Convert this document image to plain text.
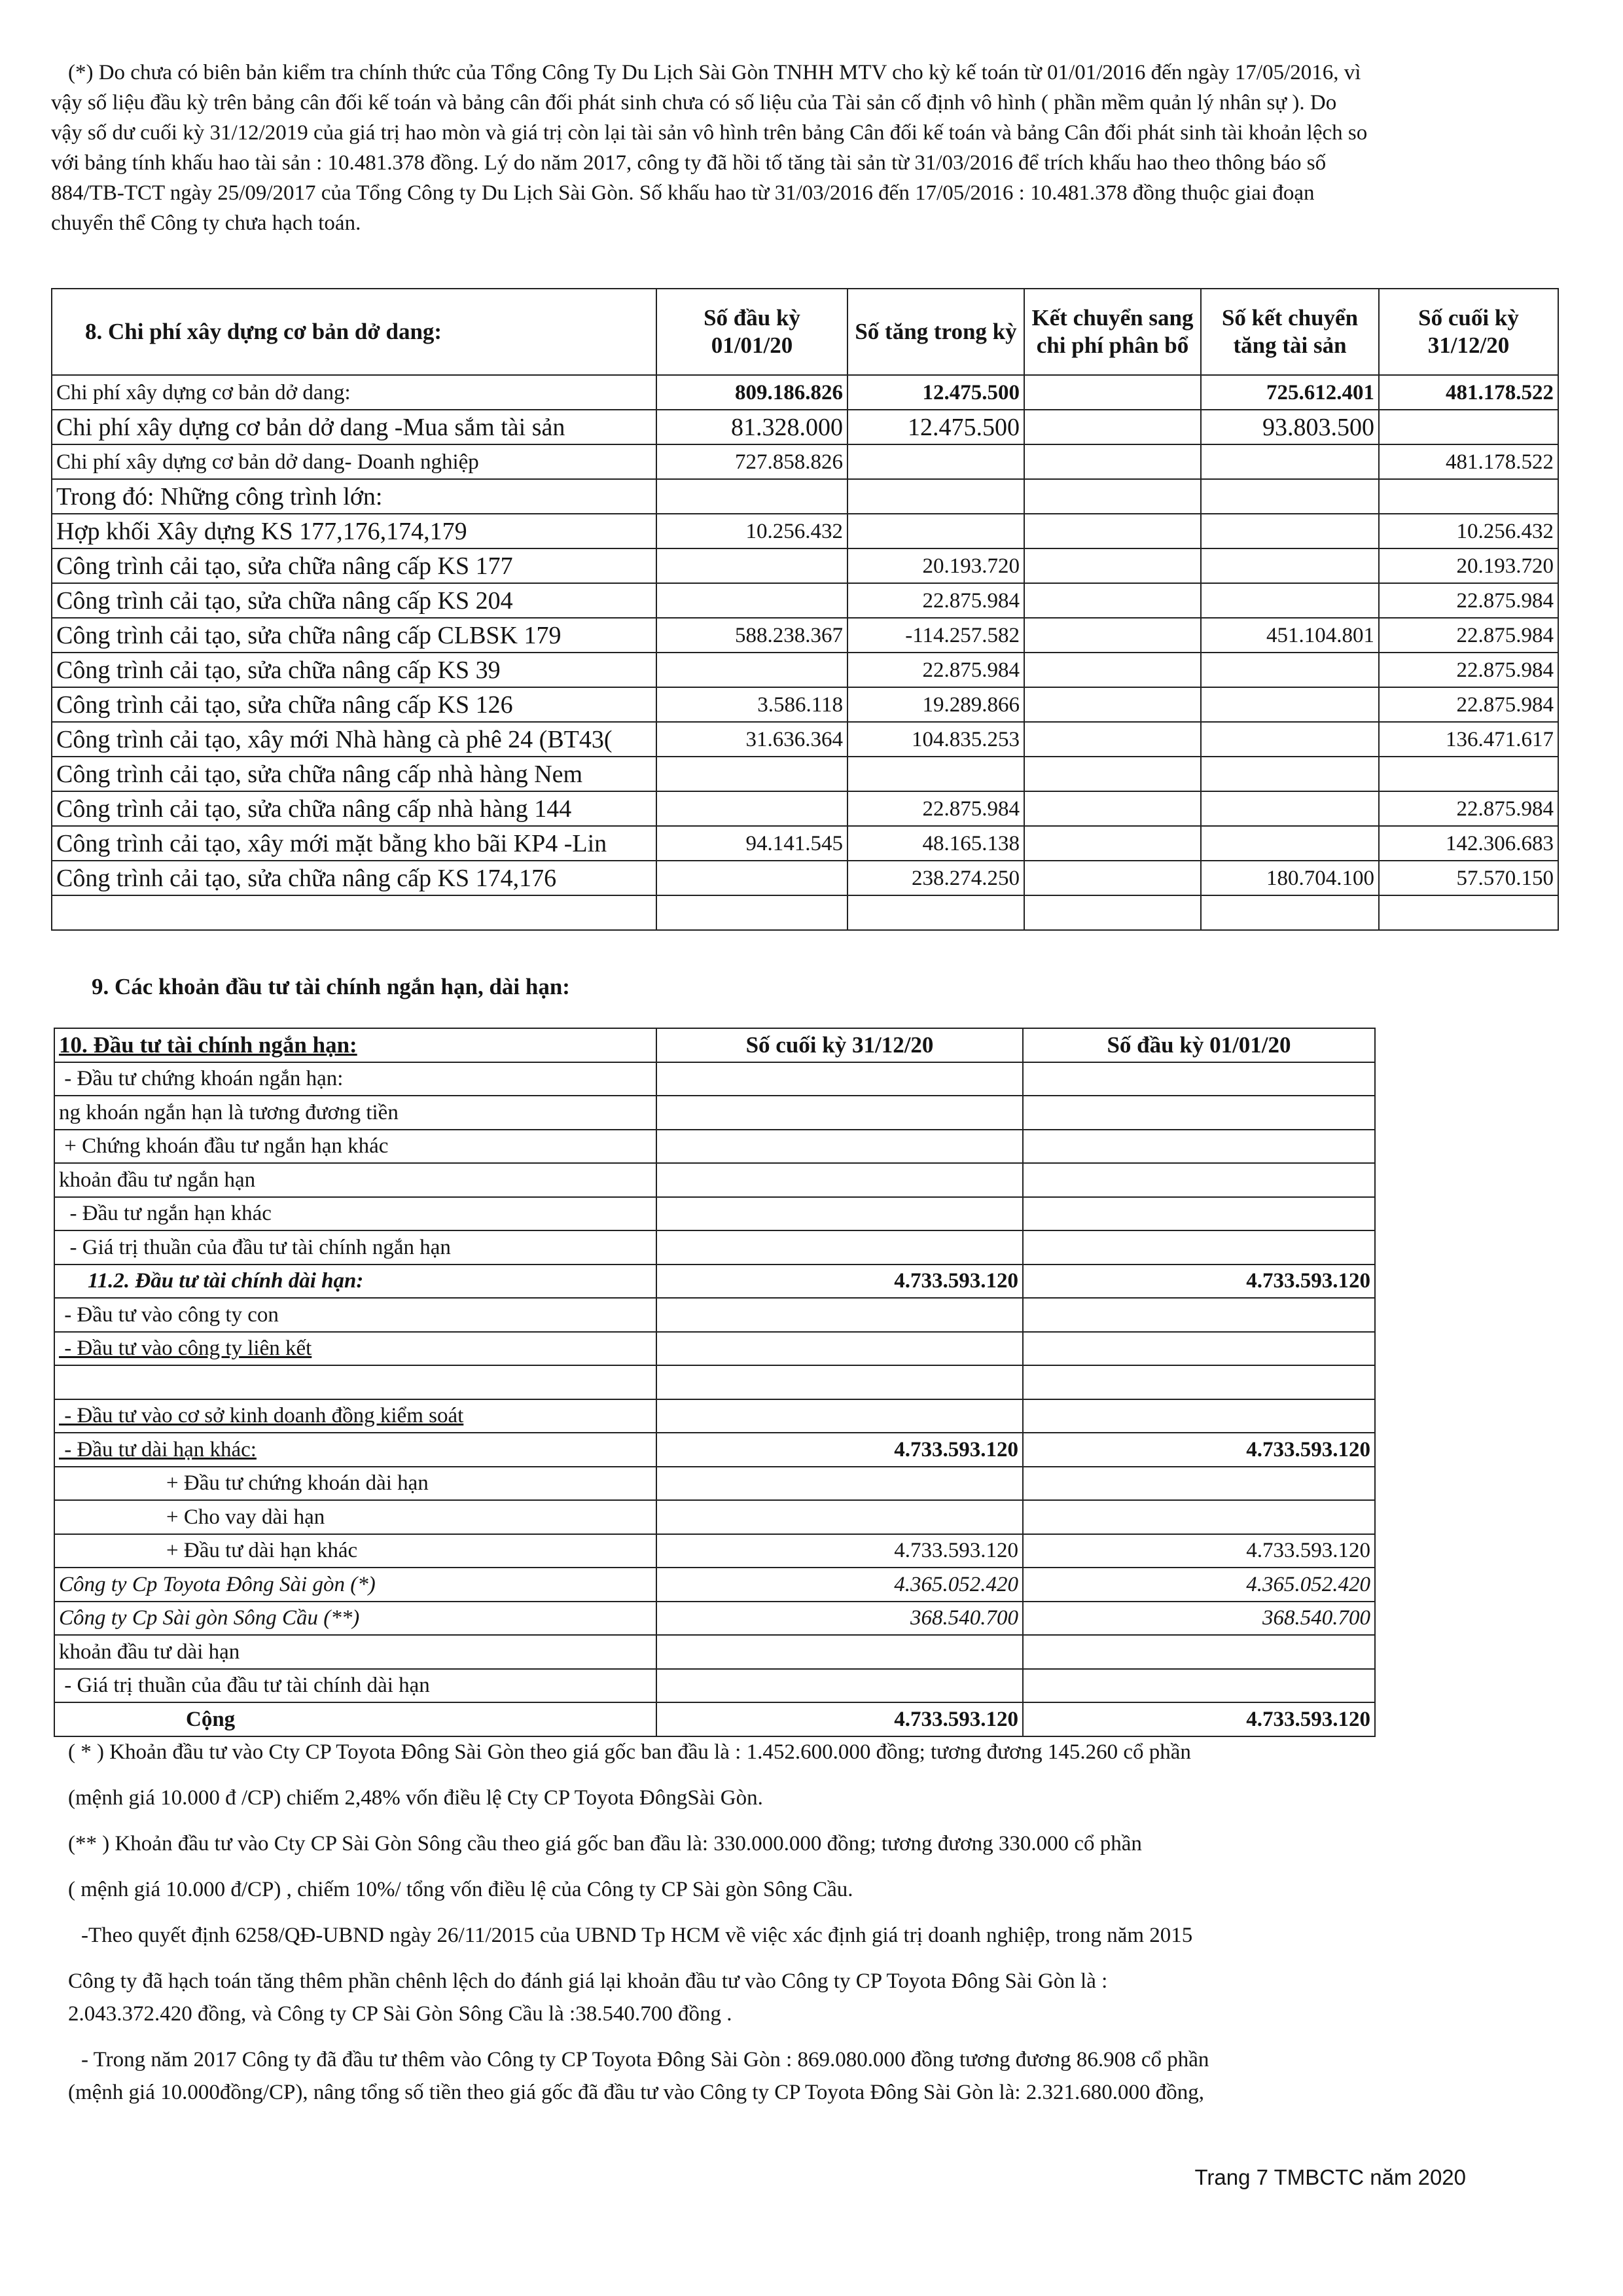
(*) Do chưa có biên bản kiểm tra chính thức của Tổng Công Ty Du Lịch Sài Gòn TNHH MTV cho kỳ kế toán từ 01/01/2016 đến ngày 17/05/2016, vì

vậy số liệu đầu kỳ trên bảng cân đối kế toán và bảng cân đối phát sinh chưa có số liệu của Tài sản cố định vô hình ( phần mềm quản lý nhân sự ). Do

vậy số dư cuối kỳ 31/12/2019 của giá trị hao mòn và giá trị còn lại tài sản vô hình trên bảng Cân đối kế toán và bảng Cân đối phát sinh tài khoản lệch so

với bảng tính khấu hao tài sản : 10.481.378 đồng. Lý do năm 2017, công ty đã hồi tố tăng tài sản từ 31/03/2016 để trích khấu hao theo thông báo số

884/TB-TCT ngày 25/09/2017 của Tổng Công ty Du Lịch Sài Gòn. Số khấu hao từ 31/03/2016 đến 17/05/2016 : 10.481.378 đồng thuộc giai đoạn

chuyển thể Công ty chưa hạch toán.

8. Chi phí xây dựng cơ bản dở dang:	Số đầu kỳ 01/01/20	Số tăng trong kỳ	Kết chuyển sang chi phí phân bổ	Số kết chuyển tăng tài sản	Số cuối kỳ 31/12/20
Chi phí xây dựng cơ bản dở dang:	809.186.826	12.475.500		725.612.401	481.178.522
Chi phí xây dựng cơ bản dở dang -Mua sắm tài sản	81.328.000	12.475.500		93.803.500	
Chi phí xây dựng cơ bản dở dang- Doanh nghiệp	727.858.826				481.178.522
Trong đó: Những công trình lớn:					
Hợp khối Xây dựng KS 177,176,174,179	10.256.432				10.256.432
Công trình cải tạo, sửa chữa nâng cấp KS 177		20.193.720			20.193.720
Công trình cải tạo, sửa chữa nâng cấp KS 204		22.875.984			22.875.984
Công trình cải tạo, sửa chữa nâng cấp CLBSK 179	588.238.367	-114.257.582		451.104.801	22.875.984
Công trình cải tạo, sửa chữa nâng cấp KS 39		22.875.984			22.875.984
Công trình cải tạo, sửa chữa nâng cấp KS 126	3.586.118	19.289.866			22.875.984
Công trình cải tạo, xây mới Nhà hàng cà phê 24 (BT43(	31.636.364	104.835.253			136.471.617
Công trình cải tạo, sửa chữa nâng cấp nhà hàng Nem					
Công trình cải tạo, sửa chữa nâng cấp nhà hàng 144		22.875.984			22.875.984
Công trình cải tạo, xây mới mặt bằng kho bãi KP4 -Lin	94.141.545	48.165.138			142.306.683
Công trình cải tạo, sửa chữa nâng cấp KS 174,176		238.274.250		180.704.100	57.570.150

9. Các khoản đầu tư tài chính ngắn hạn, dài hạn:
10. Đầu tư tài chính ngắn hạn:	Số cuối kỳ 31/12/20	Số đầu kỳ 01/01/20
- Đầu tư chứng khoán ngắn hạn:		
ng khoán ngắn hạn là tương đương tiền		
+ Chứng khoán đầu tư ngắn hạn khác		
khoản đầu tư ngắn hạn		
- Đầu tư ngắn hạn khác		
- Giá trị thuần của đầu tư tài chính ngắn hạn		
11.2. Đầu tư tài chính dài hạn:	4.733.593.120	4.733.593.120
- Đầu tư vào công ty con		
- Đầu tư vào công ty liên kết		

- Đầu tư vào cơ sở kinh doanh đồng kiểm soát		
- Đầu tư dài hạn khác:	4.733.593.120	4.733.593.120
+ Đầu tư chứng khoán dài hạn		
+ Cho vay dài hạn		
+ Đầu tư dài hạn khác	4.733.593.120	4.733.593.120
Công ty Cp Toyota Đông Sài gòn (*)	4.365.052.420	4.365.052.420
Công ty Cp Sài gòn Sông Cầu (**)	368.540.700	368.540.700
khoản đầu tư dài hạn		
- Giá trị thuần của đầu tư tài chính dài hạn		
Cộng	4.733.593.120	4.733.593.120

( * ) Khoản đầu tư vào Cty CP Toyota Đông Sài Gòn theo giá gốc ban đầu là : 1.452.600.000 đồng; tương đương 145.260 cổ phần

(mệnh giá 10.000 đ /CP) chiếm 2,48% vốn điều lệ Cty CP Toyota ĐôngSài Gòn.

(** ) Khoản đầu tư vào Cty CP Sài Gòn Sông cầu theo giá gốc ban đầu là: 330.000.000 đồng; tương đương 330.000 cổ phần

( mệnh giá 10.000 đ/CP) , chiếm 10%/ tổng vốn điều lệ của Công ty CP Sài gòn Sông Cầu.

-Theo quyết định 6258/QĐ-UBND ngày 26/11/2015 của UBND Tp HCM về việc xác định giá trị doanh nghiệp, trong năm 2015

Công ty đã hạch toán tăng thêm phần chênh lệch do đánh giá lại khoản đầu tư vào Công ty CP Toyota Đông Sài Gòn là :

2.043.372.420 đồng, và Công ty CP Sài Gòn Sông Cầu là :38.540.700 đồng .

- Trong năm 2017 Công ty đã đầu tư thêm vào Công ty CP Toyota Đông Sài Gòn : 869.080.000 đồng tương đương 86.908 cổ phần

(mệnh giá 10.000đồng/CP), nâng tổng số tiền theo giá gốc đã đầu tư vào Công ty CP Toyota Đông Sài Gòn là: 2.321.680.000 đồng,

Trang 7 TMBCTC năm 2020
